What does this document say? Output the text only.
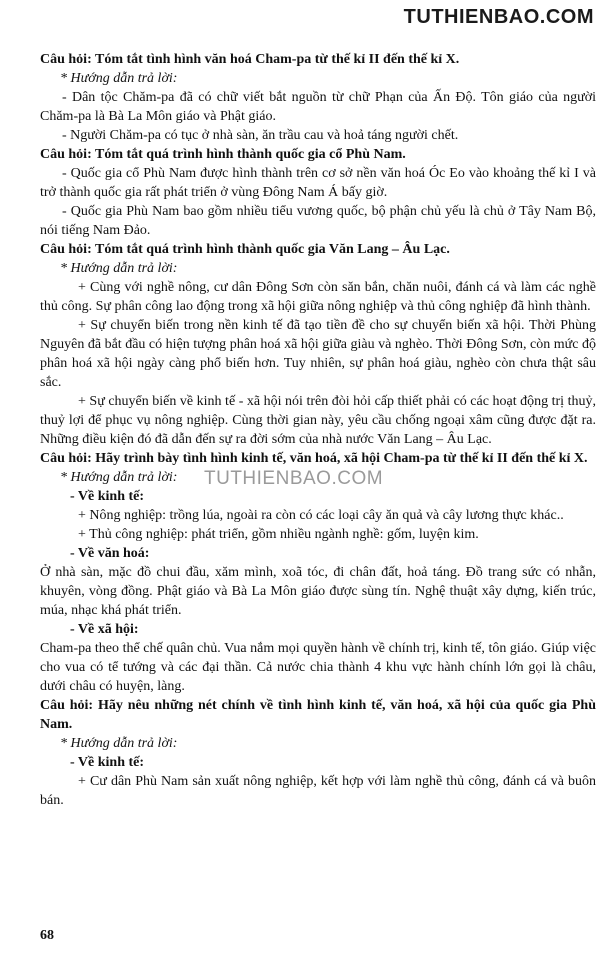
TUTHIENBAO.COM
TUTHIENBAO.COM

Câu hỏi: Tóm tắt tình hình văn hoá Cham-pa từ thế kỉ II đến thế kỉ X.

* Hướng dẫn trả lời:

- Dân tộc Chăm-pa đã có chữ viết bắt nguồn từ chữ Phạn của Ấn Độ. Tôn giáo của người Chăm-pa là Bà La Môn giáo và Phật giáo.

- Người Chăm-pa có tục ở nhà sàn, ăn trầu cau và hoả táng người chết.

Câu hỏi: Tóm tắt quá trình hình thành quốc gia cổ Phù Nam.

- Quốc gia cổ Phù Nam được hình thành trên cơ sở nền văn hoá Óc Eo vào khoảng thế kỉ I và trở thành quốc gia rất phát triển ở vùng Đông Nam Á bấy giờ.

- Quốc gia Phù Nam bao gồm nhiều tiểu vương quốc, bộ phận chủ yếu là chủ ở Tây Nam Bộ, nói tiếng Nam Đảo.

Câu hỏi: Tóm tắt quá trình hình thành quốc gia Văn Lang – Âu Lạc.

* Hướng dẫn trả lời:

+ Cùng với nghề nông, cư dân Đông Sơn còn săn bắn, chăn nuôi, đánh cá và làm các nghề thủ công. Sự phân công lao động trong xã hội giữa nông nghiệp và thủ công nghiệp đã hình thành.

+ Sự chuyển biến trong nền kinh tế đã tạo tiền đề cho sự chuyển biến xã hội. Thời Phùng Nguyên đã bắt đầu có hiện tượng phân hoá xã hội giữa giàu và nghèo. Thời Đông Sơn, còn mức độ phân hoá xã hội ngày càng phổ biến hơn. Tuy nhiên, sự phân hoá giàu, nghèo còn chưa thật sâu sắc.

+ Sự chuyển biến về kinh tế - xã hội nói trên đòi hỏi cấp thiết phải có các hoạt động trị thuỷ, thuỷ lợi để phục vụ nông nghiệp. Cùng thời gian này, yêu cầu chống ngoại xâm cũng được đặt ra. Những điều kiện đó đã dẫn đến sự ra đời sớm của nhà nước Văn Lang – Âu Lạc.

Câu hỏi: Hãy trình bày tình hình kinh tế, văn hoá, xã hội Cham-pa từ thế kỉ II đến thế kỉ X.

* Hướng dẫn trả lời:

- Về kinh tế:

+ Nông nghiệp: trồng lúa, ngoài ra còn có các loại cây ăn quả và cây lương thực khác..

+ Thủ công nghiệp: phát triển, gồm nhiều ngành nghề: gốm, luyện kim.

- Về văn hoá:

Ở nhà sàn, mặc đồ chui đầu, xăm mình, xoã tóc, đi chân đất, hoả táng. Đồ trang sức có nhẫn, khuyên, vòng đồng. Phật giáo và Bà La Môn giáo được sùng tín. Nghệ thuật xây dựng, kiến trúc, múa, nhạc khá phát triển.

- Về xã hội:

Cham-pa theo thể chế quân chủ. Vua nắm mọi quyền hành về chính trị, kinh tế, tôn giáo. Giúp việc cho vua có tể tướng và các đại thần. Cả nước chia thành 4 khu vực hành chính lớn gọi là châu, dưới châu có huyện, làng.

Câu hỏi: Hãy nêu những nét chính về tình hình kinh tế, văn hoá, xã hội của quốc gia Phù Nam.

* Hướng dẫn trả lời:

- Về kinh tế:

+ Cư dân Phù Nam sản xuất nông nghiệp, kết hợp với làm nghề thủ công, đánh cá và buôn bán.

68
